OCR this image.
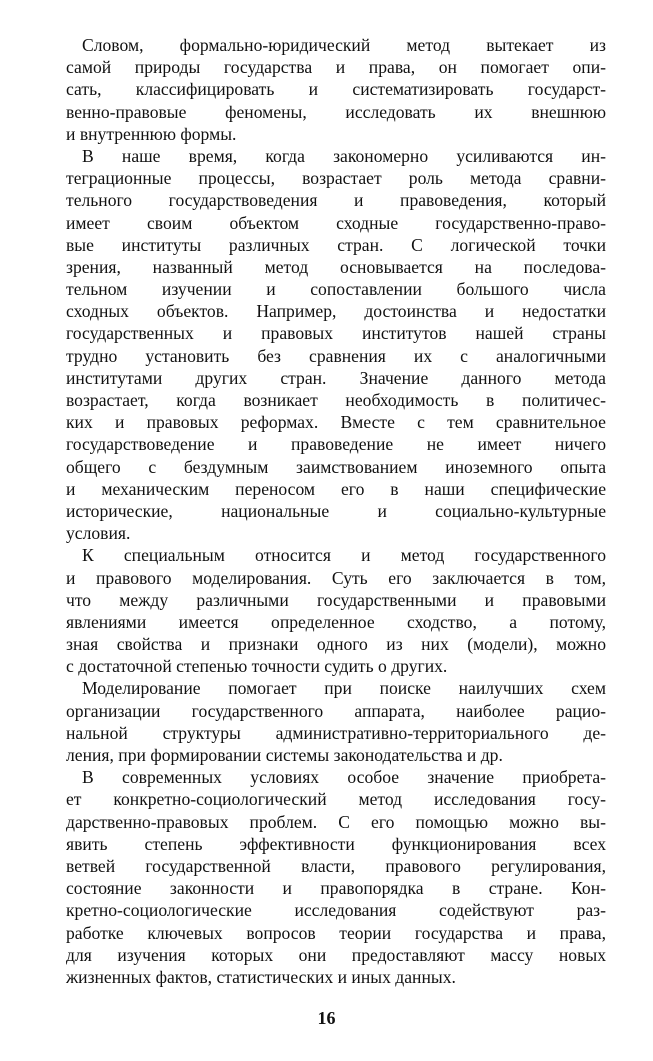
Словом, формально-юридический метод вытекает из
самой природы государства и права, он помогает опи-
сать, классифицировать и систематизировать государст-
венно-правовые феномены, исследовать их внешнюю
и внутреннюю формы.
В наше время, когда закономерно усиливаются ин-
теграционные процессы, возрастает роль метода сравни-
тельного государствоведения и правоведения, который
имеет своим объектом сходные государственно-право-
вые институты различных стран. С логической точки
зрения, названный метод основывается на последова-
тельном изучении и сопоставлении большого числа
сходных объектов. Например, достоинства и недостатки
государственных и правовых институтов нашей страны
трудно установить без сравнения их с аналогичными
институтами других стран. Значение данного метода
возрастает, когда возникает необходимость в политичес-
ких и правовых реформах. Вместе с тем сравнительное
государствоведение и правоведение не имеет ничего
общего с бездумным заимствованием иноземного опыта
и механическим переносом его в наши специфические
исторические, национальные и социально-культурные
условия.
К специальным относится и метод государственного
и правового моделирования. Суть его заключается в том,
что между различными государственными и правовыми
явлениями имеется определенное сходство, а потому,
зная свойства и признаки одного из них (модели), можно
с достаточной степенью точности судить о других.
Моделирование помогает при поиске наилучших схем
организации государственного аппарата, наиболее рацио-
нальной структуры административно-территориального де-
ления, при формировании системы законодательства и др.
В современных условиях особое значение приобрета-
ет конкретно-социологический метод исследования госу-
дарственно-правовых проблем. С его помощью можно вы-
явить степень эффективности функционирования всех
ветвей государственной власти, правового регулирования,
состояние законности и правопорядка в стране. Кон-
кретно-социологические исследования содействуют раз-
работке ключевых вопросов теории государства и права,
для изучения которых они предоставляют массу новых
жизненных фактов, статистических и иных данных.
16
